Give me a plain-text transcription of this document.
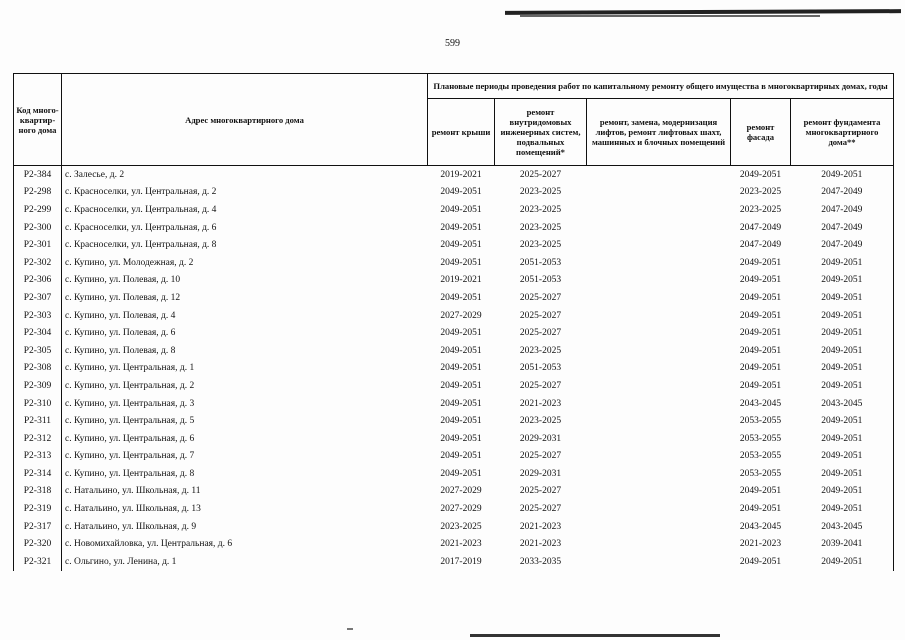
599
Код много-квартир-ного дома	Адрес многоквартирного дома	Плановые периоды проведения работ по капитальному ремонту общего имущества в многоквартирных домах, годы				
		ремонт крыши	ремонт внутридомовых инженерных систем, подвальных помещений*	ремонт, замена, модернизация лифтов, ремонт лифтовых шахт, машинных и блочных помещений	ремонт фасада	ремонт фундамента многоквартирного дома**
Р2-384	с. Залесье, д. 2	2019-2021	2025-2027		2049-2051	2049-2051
Р2-298	с. Красноселки, ул. Центральная, д. 2	2049-2051	2023-2025		2023-2025	2047-2049
Р2-299	с. Красноселки, ул. Центральная, д. 4	2049-2051	2023-2025		2023-2025	2047-2049
Р2-300	с. Красноселки, ул. Центральная, д. 6	2049-2051	2023-2025		2047-2049	2047-2049
Р2-301	с. Красноселки, ул. Центральная, д. 8	2049-2051	2023-2025		2047-2049	2047-2049
Р2-302	с. Купино, ул. Молодежная, д. 2	2049-2051	2051-2053		2049-2051	2049-2051
Р2-306	с. Купино, ул. Полевая, д. 10	2019-2021	2051-2053		2049-2051	2049-2051
Р2-307	с. Купино, ул. Полевая, д. 12	2049-2051	2025-2027		2049-2051	2049-2051
Р2-303	с. Купино, ул. Полевая, д. 4	2027-2029	2025-2027		2049-2051	2049-2051
Р2-304	с. Купино, ул. Полевая, д. 6	2049-2051	2025-2027		2049-2051	2049-2051
Р2-305	с. Купино, ул. Полевая, д. 8	2049-2051	2023-2025		2049-2051	2049-2051
Р2-308	с. Купино, ул. Центральная, д. 1	2049-2051	2051-2053		2049-2051	2049-2051
Р2-309	с. Купино, ул. Центральная, д. 2	2049-2051	2025-2027		2049-2051	2049-2051
Р2-310	с. Купино, ул. Центральная, д. 3	2049-2051	2021-2023		2043-2045	2043-2045
Р2-311	с. Купино, ул. Центральная, д. 5	2049-2051	2023-2025		2053-2055	2049-2051
Р2-312	с. Купино, ул. Центральная, д. 6	2049-2051	2029-2031		2053-2055	2049-2051
Р2-313	с. Купино, ул. Центральная, д. 7	2049-2051	2025-2027		2053-2055	2049-2051
Р2-314	с. Купино, ул. Центральная, д. 8	2049-2051	2029-2031		2053-2055	2049-2051
Р2-318	с. Натальино, ул. Школьная, д. 11	2027-2029	2025-2027		2049-2051	2049-2051
Р2-319	с. Натальино, ул. Школьная, д. 13	2027-2029	2025-2027		2049-2051	2049-2051
Р2-317	с. Натальино, ул. Школьная, д. 9	2023-2025	2021-2023		2043-2045	2043-2045
Р2-320	с. Новомихайловка, ул. Центральная, д. 6	2021-2023	2021-2023		2021-2023	2039-2041
Р2-321	с. Ольгино, ул. Ленина, д. 1	2017-2019	2033-2035		2049-2051	2049-2051
